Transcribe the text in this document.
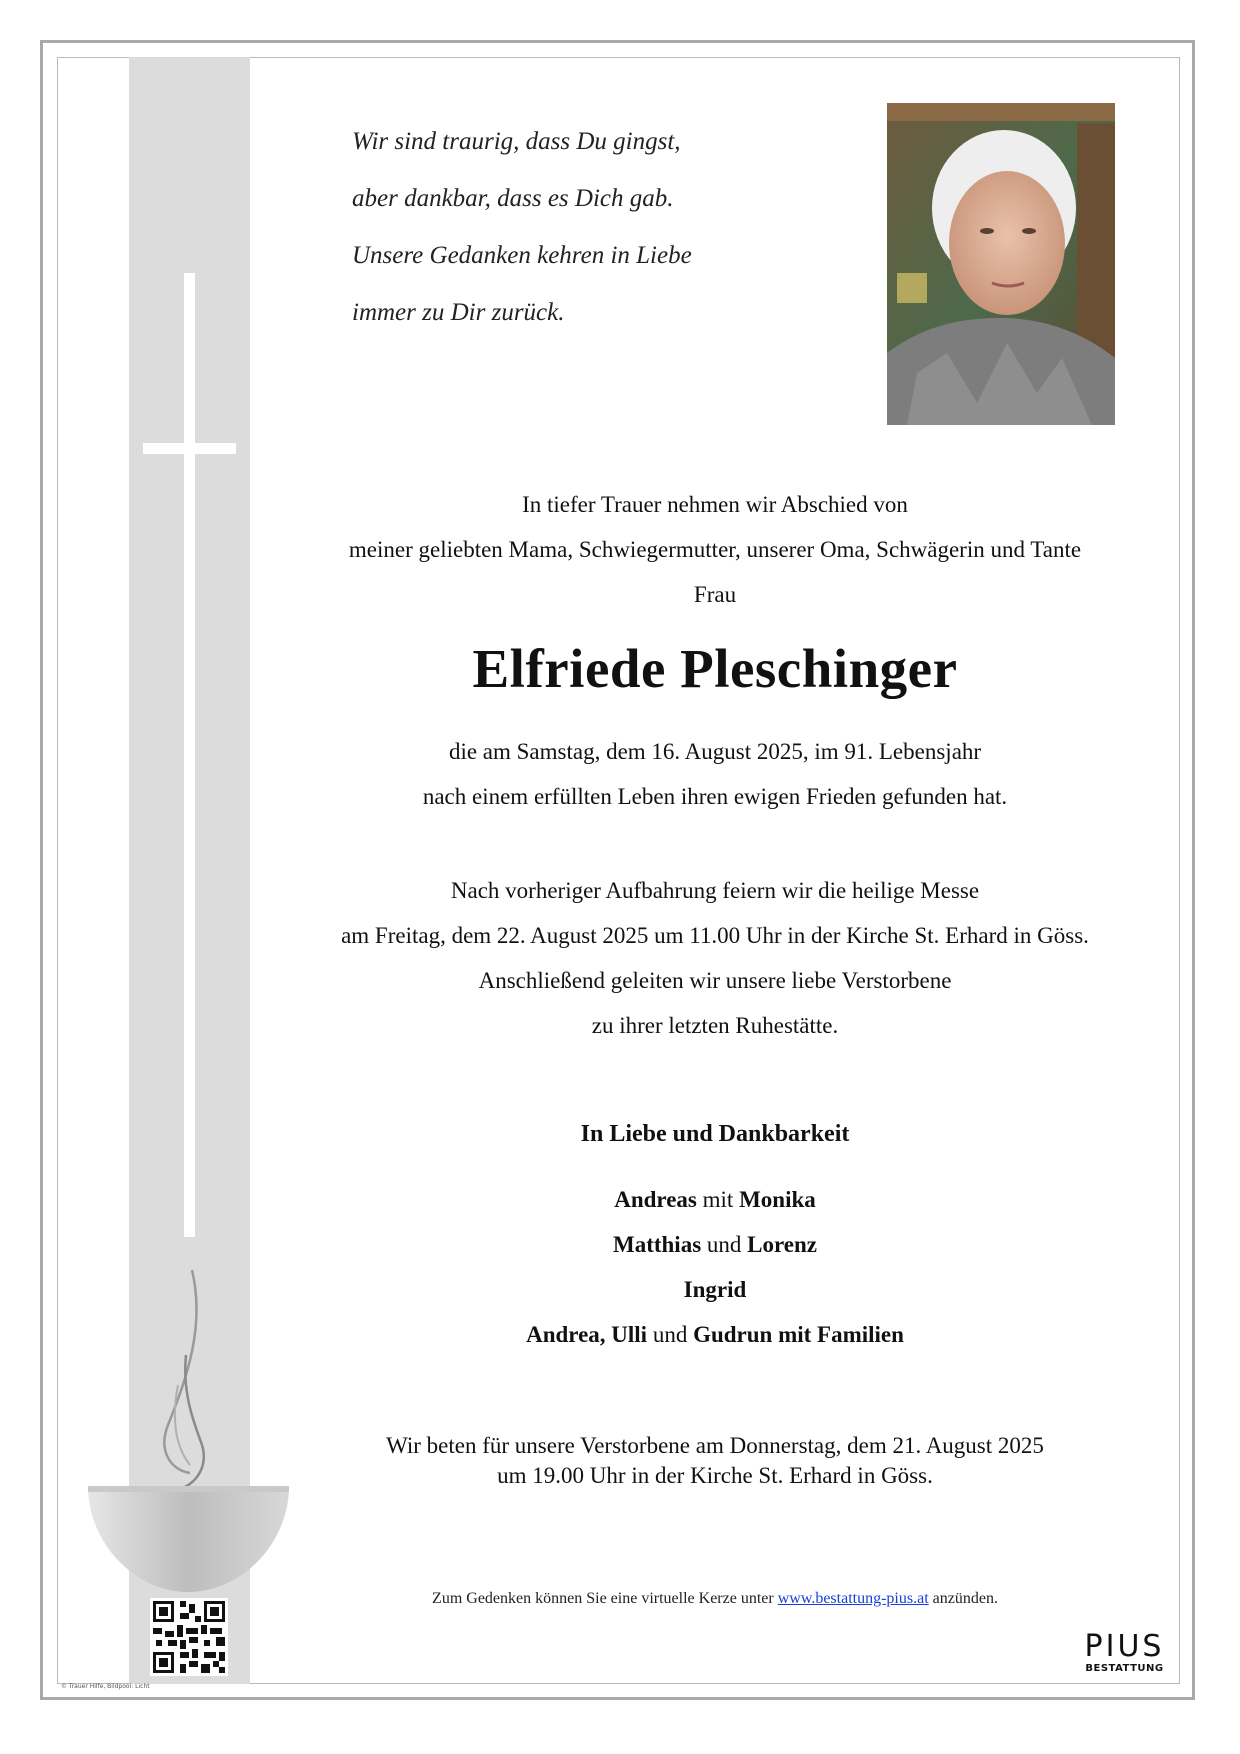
© Trauer Hilfe, Bildpool: Licht
Wir sind traurig, dass Du gingst,
aber dankbar, dass es Dich gab.
Unsere Gedanken kehren in Liebe
immer zu Dir zurück.
In tiefer Trauer nehmen wir Abschied von
meiner geliebten Mama, Schwiegermutter, unserer Oma, Schwägerin und Tante
Frau
Elfriede Pleschinger
die am Samstag, dem 16. August 2025, im 91. Lebensjahr
nach einem erfüllten Leben ihren ewigen Frieden gefunden hat.
Nach vorheriger Aufbahrung feiern wir die heilige Messe
am Freitag, dem 22. August 2025 um 11.00 Uhr in der Kirche St. Erhard in Göss.
Anschließend geleiten wir unsere liebe Verstorbene
zu ihrer letzten Ruhestätte.
In Liebe und Dankbarkeit
Andreas mit Monika
Matthias und Lorenz
Ingrid
Andrea, Ulli und Gudrun mit Familien
Wir beten für unsere Verstorbene am Donnerstag, dem 21. August 2025
um 19.00 Uhr in der Kirche St. Erhard in Göss.
Zum Gedenken können Sie eine virtuelle Kerze unter www.bestattung-pius.at anzünden.
PIUS
BESTATTUNG
